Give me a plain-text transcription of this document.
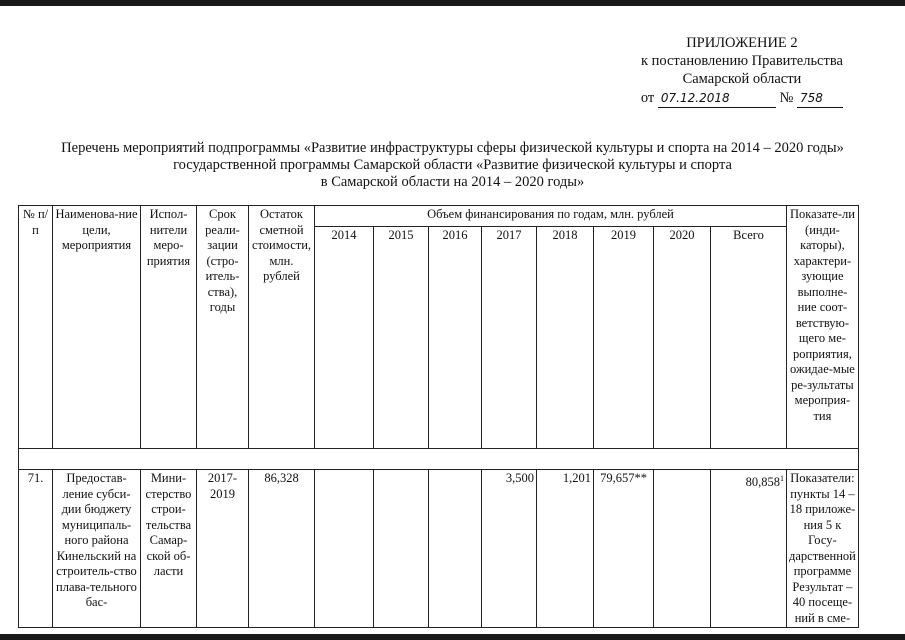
ПРИЛОЖЕНИЕ 2
к постановлению Правительства
Самарской области
от 07.12.2018	№ 758
Перечень мероприятий подпрограммы «Развитие инфраструктуры сферы физической культуры и спорта на 2014 – 2020 годы»
государственной программы Самарской области «Развитие физической культуры и спорта
в Самарской области на 2014 – 2020 годы»
№ п/п	Наименова-ние цели, мероприятия	Испол-нители меро-приятия	Срок реали-зации (стро-итель-ства), годы	Остаток сметной стоимости, млн. рублей	Объем финансирования по годам, млн. рублей								Показате-ли (инди-каторы), характери-зующие выполне-ние соот-ветствую-щего ме-роприятия, ожидае-мые ре-зультаты мероприя-тия
					2014	2015	2016	2017	2018	2019	2020	Всего	

71.	Предостав-ление субси-дии бюджету муниципаль-ного района Кинельский на строитель-ство плава-тельного бас-	Мини-стерство строи-тельства Самар-ской об-ласти	2017-2019	86,328				3,500	1,201	79,657**		80,858$^1$	Показатели: пункты 14 – 18 приложе-ния 5 к Госу-дарственной программе Результат – 40 посеще-ний в сме-
